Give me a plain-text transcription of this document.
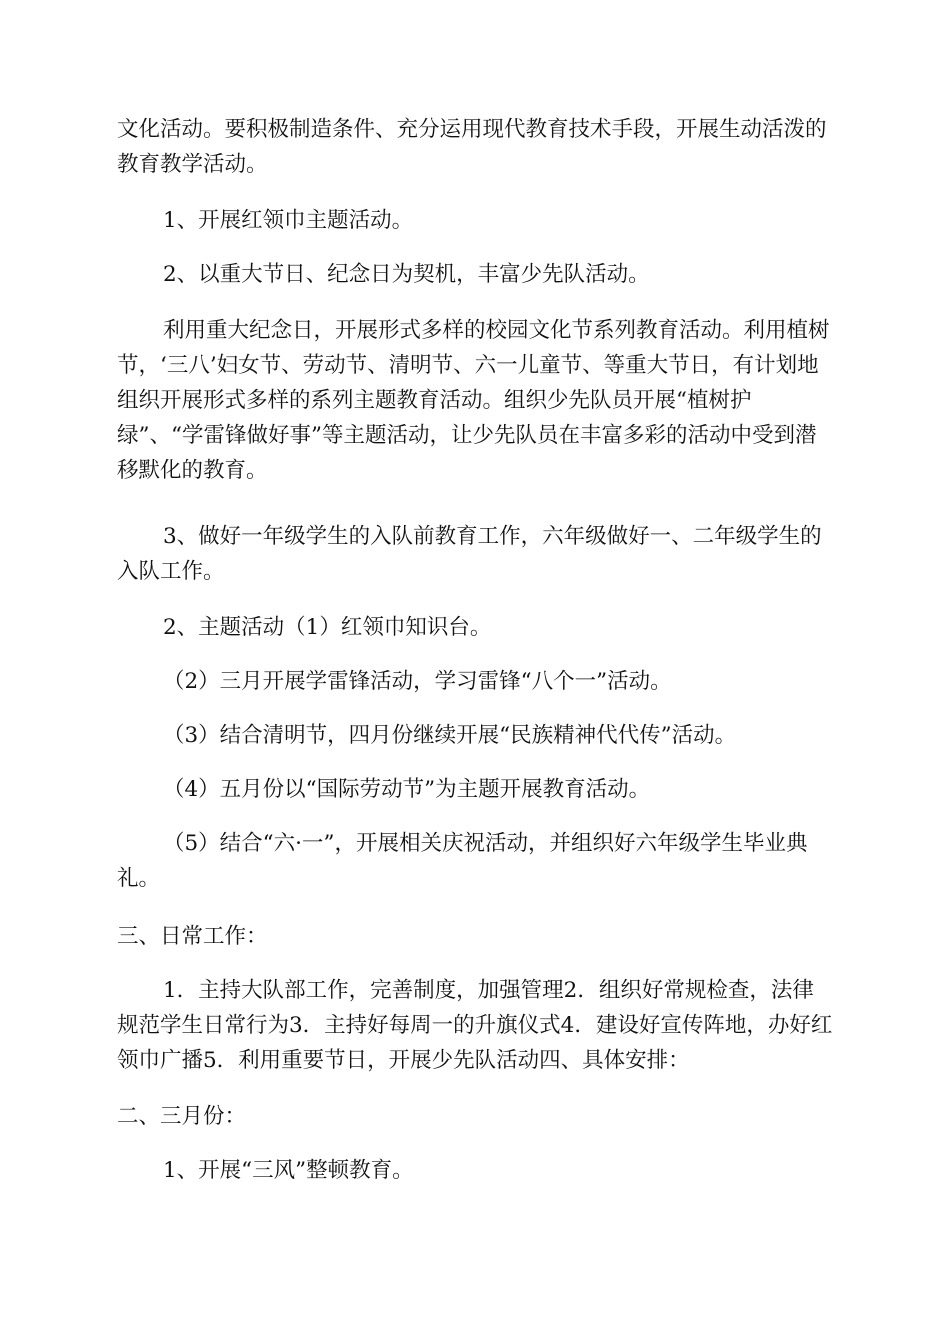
文化活动。要积极制造条件、充分运用现代教育技术手段，开展生动活泼的教育教学活动。

1、开展红领巾主题活动。

2、以重大节日、纪念日为契机，丰富少先队活动。

利用重大纪念日，开展形式多样的校园文化节系列教育活动。利用植树节，‘三八’妇女节、劳动节、清明节、六一儿童节、等重大节日，有计划地组织开展形式多样的系列主题教育活动。组织少先队员开展“植树护绿”、“学雷锋做好事”等主题活动，让少先队员在丰富多彩的活动中受到潜移默化的教育。

3、做好一年级学生的入队前教育工作，六年级做好一、二年级学生的入队工作。

2、主题活动（1）红领巾知识台。

（2）三月开展学雷锋活动，学习雷锋“八个一”活动。

（3）结合清明节，四月份继续开展“民族精神代代传”活动。

（4）五月份以“国际劳动节”为主题开展教育活动。

（5）结合“六·一”，开展相关庆祝活动，并组织好六年级学生毕业典礼。

三、日常工作：

1．主持大队部工作，完善制度，加强管理2．组织好常规检查，法律规范学生日常行为3．主持好每周一的升旗仪式4．建设好宣传阵地，办好红领巾广播5．利用重要节日，开展少先队活动四、具体安排：

二、三月份：

1、开展“三风”整顿教育。
